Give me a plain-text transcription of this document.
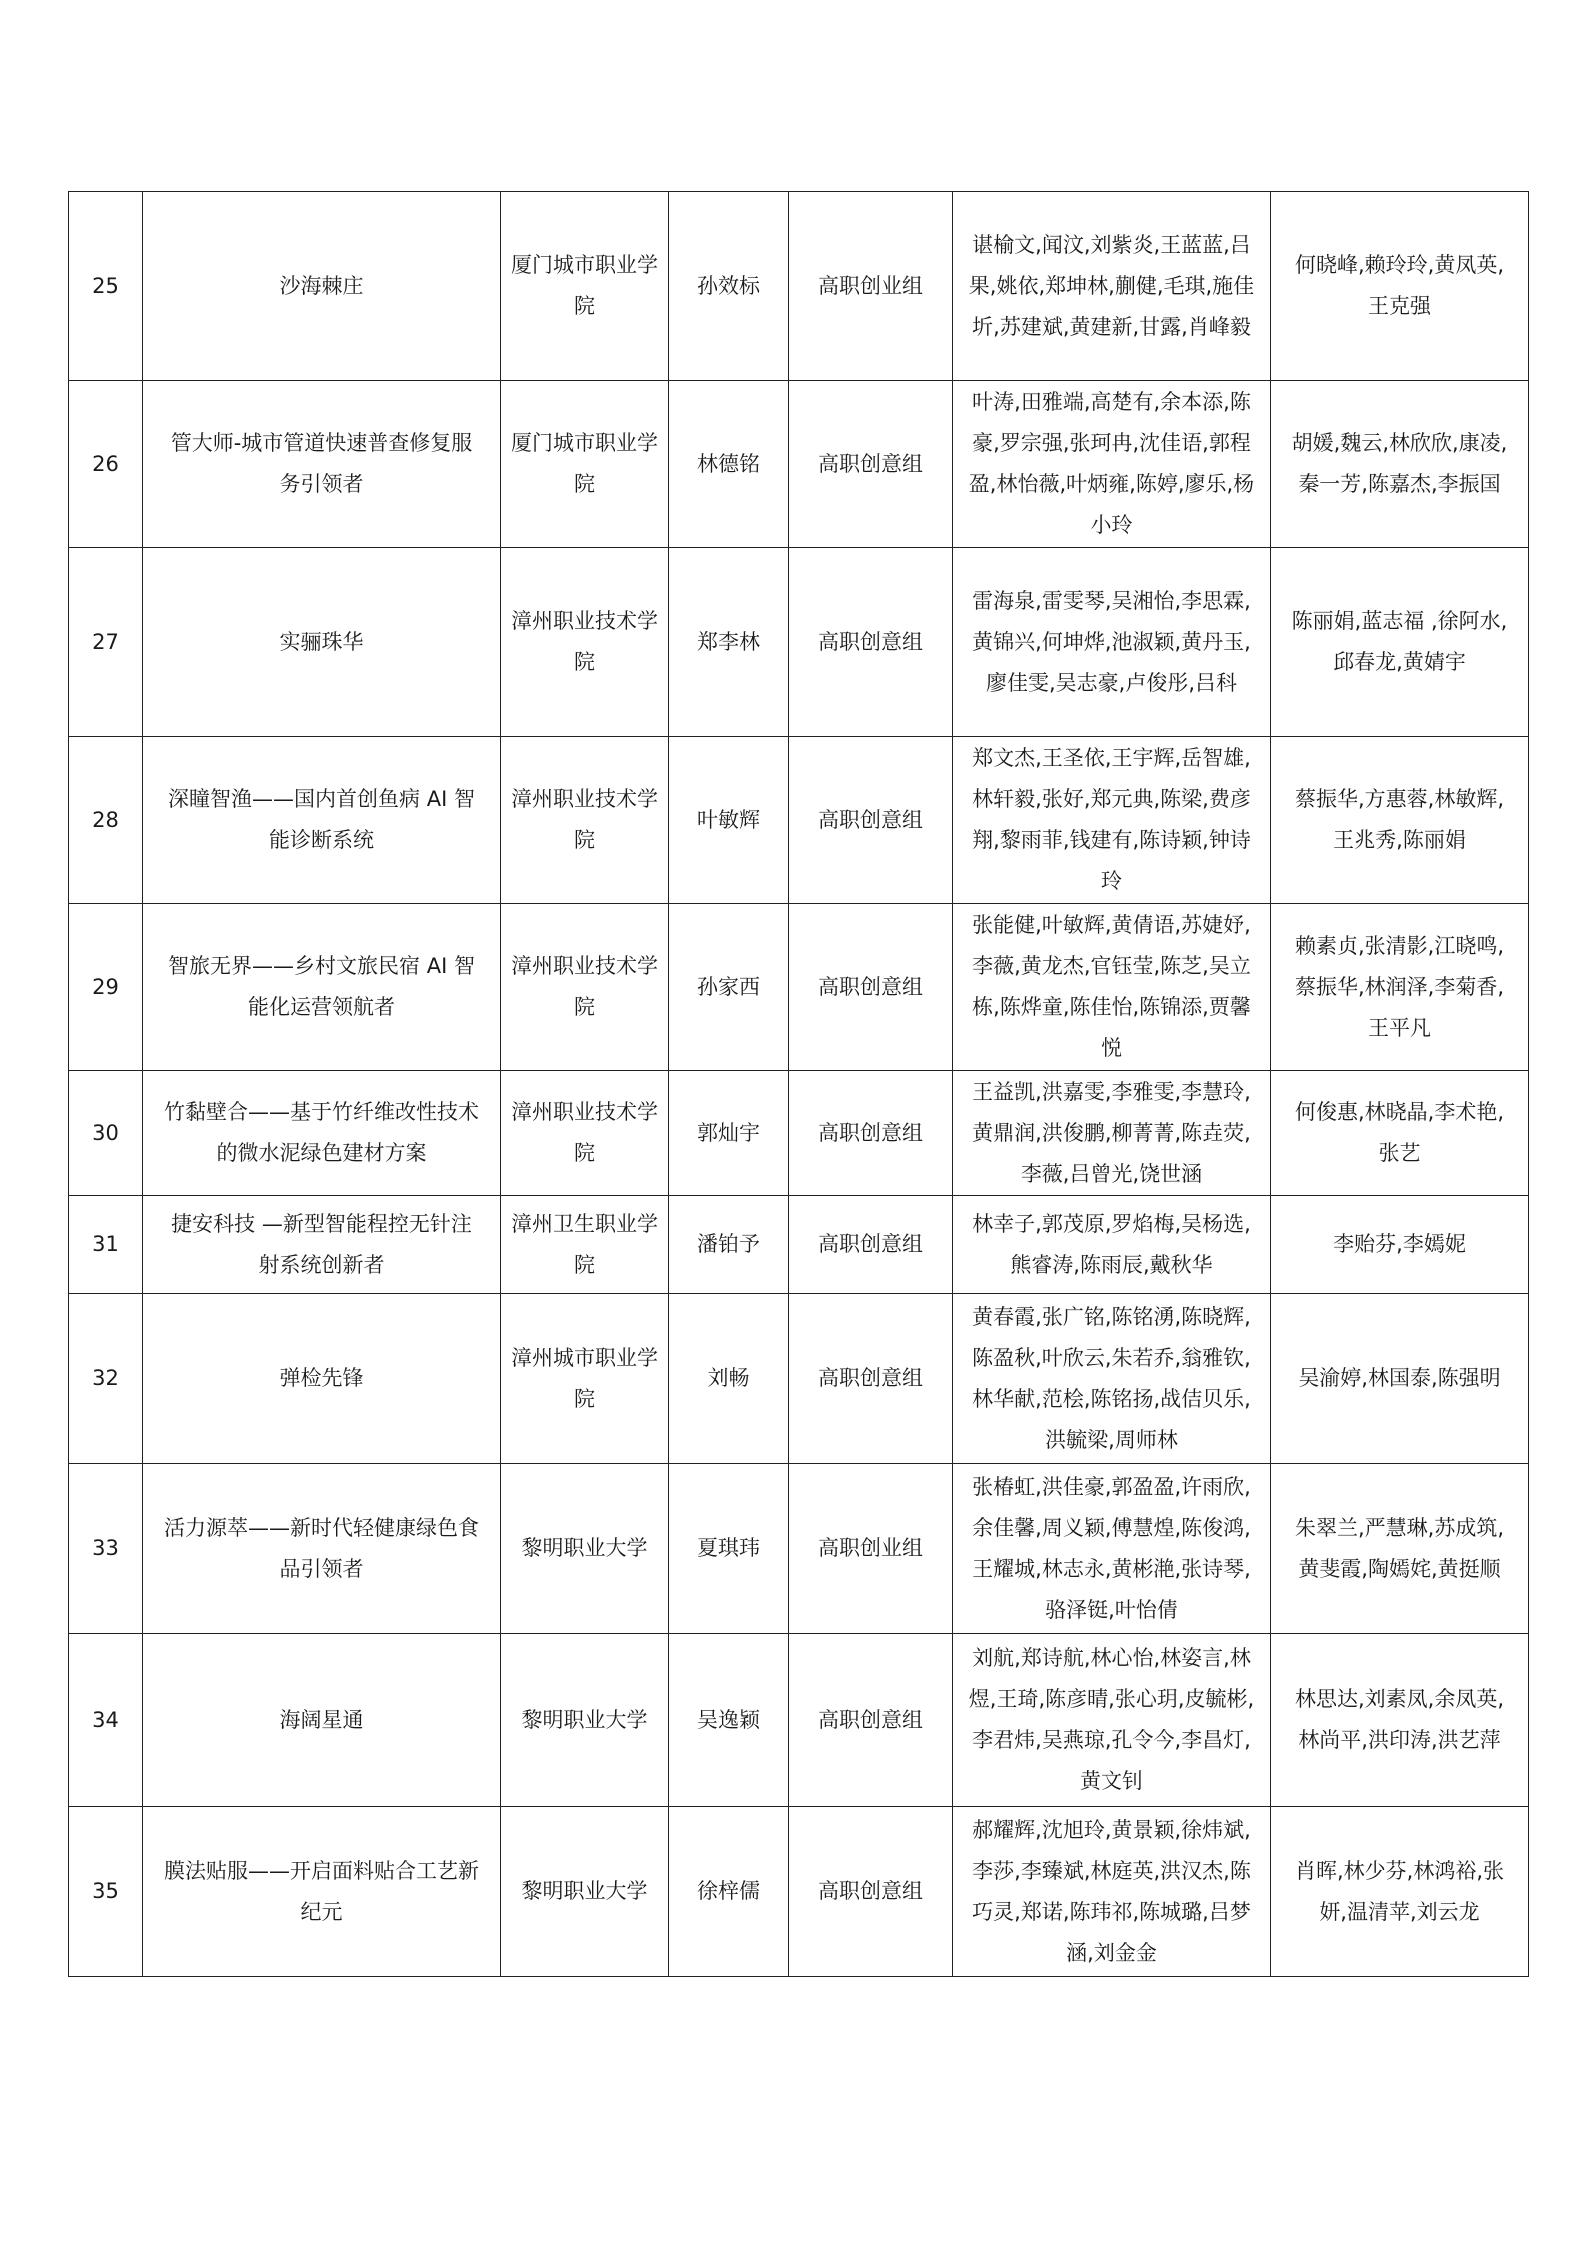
25	沙海棘庄	厦门城市职业学院	孙效标	高职创业组	谌榆文,闻汶,刘紫炎,王蓝蓝,吕果,姚依,郑坤林,蒯健,毛琪,施佳圻,苏建斌,黄建新,甘露,肖峰毅	何晓峰,赖玲玲,黄凤英,王克强
26	管大师-城市管道快速普查修复服务引领者	厦门城市职业学院	林德铭	高职创意组	叶涛,田雅端,高楚有,余本添,陈豪,罗宗强,张珂冉,沈佳语,郭程盈,林怡薇,叶炳雍,陈婷,廖乐,杨小玲	胡媛,魏云,林欣欣,康凌,秦一芳,陈嘉杰,李振国
27	实骊珠华	漳州职业技术学院	郑李林	高职创意组	雷海泉,雷雯琴,吴湘怡,李思霖,黄锦兴,何坤烨,池淑颖,黄丹玉,廖佳雯,吴志豪,卢俊彤,吕科	陈丽娟,蓝志福 ,徐阿水,邱春龙,黄婧宇
28	深瞳智渔——国内首创鱼病 AI 智能诊断系统	漳州职业技术学院	叶敏辉	高职创意组	郑文杰,王圣依,王宇辉,岳智雄,林轩毅,张好,郑元典,陈梁,费彦翔,黎雨菲,钱建有,陈诗颖,钟诗玲	蔡振华,方惠蓉,林敏辉,王兆秀,陈丽娟
29	智旅无界——乡村文旅民宿 AI 智能化运营领航者	漳州职业技术学院	孙家西	高职创意组	张能健,叶敏辉,黄倩语,苏婕妤,李薇,黄龙杰,官钰莹,陈芝,吴立栋,陈烨童,陈佳怡,陈锦添,贾馨悦	赖素贞,张清影,江晓鸣,蔡振华,林润泽,李菊香,王平凡
30	竹黏壁合——基于竹纤维改性技术的微水泥绿色建材方案	漳州职业技术学院	郭灿宇	高职创意组	王益凯,洪嘉雯,李雅雯,李慧玲,黄鼎润,洪俊鹏,柳菁菁,陈垚荧,李薇,吕曾光,饶世涵	何俊惠,林晓晶,李术艳,张艺
31	捷安科技 —新型智能程控无针注射系统创新者	漳州卫生职业学院	潘铂予	高职创意组	林幸子,郭茂原,罗焰梅,吴杨选,熊睿涛,陈雨辰,戴秋华	李贻芬,李嫣妮
32	弹检先锋	漳州城市职业学院	刘畅	高职创意组	黄春霞,张广铭,陈铭湧,陈晓辉,陈盈秋,叶欣云,朱若乔,翁雅钦,林华献,范桧,陈铭扬,战佶贝乐,洪毓梁,周师林	吴渝婷,林国泰,陈强明
33	活力源萃——新时代轻健康绿色食品引领者	黎明职业大学	夏琪玮	高职创业组	张椿虹,洪佳豪,郭盈盈,许雨欣,余佳馨,周义颖,傅慧煌,陈俊鸿,王耀城,林志永,黄彬滟,张诗琴,骆泽铤,叶怡倩	朱翠兰,严慧琳,苏成筑,黄斐霞,陶嫣姹,黄挺顺
34	海阔星通	黎明职业大学	吴逸颖	高职创意组	刘航,郑诗航,林心怡,林姿言,林煜,王琦,陈彦晴,张心玥,皮毓彬,李君炜,吴燕琼,孔令今,李昌灯,黄文钊	林思达,刘素凤,余凤英,林尚平,洪印涛,洪艺萍
35	膜法贴服——开启面料贴合工艺新纪元	黎明职业大学	徐梓儒	高职创意组	郝耀辉,沈旭玲,黄景颖,徐炜斌,李莎,李臻斌,林庭英,洪汉杰,陈巧灵,郑诺,陈玮祁,陈城璐,吕梦涵,刘金金	肖晖,林少芬,林鸿裕,张妍,温清苹,刘云龙
